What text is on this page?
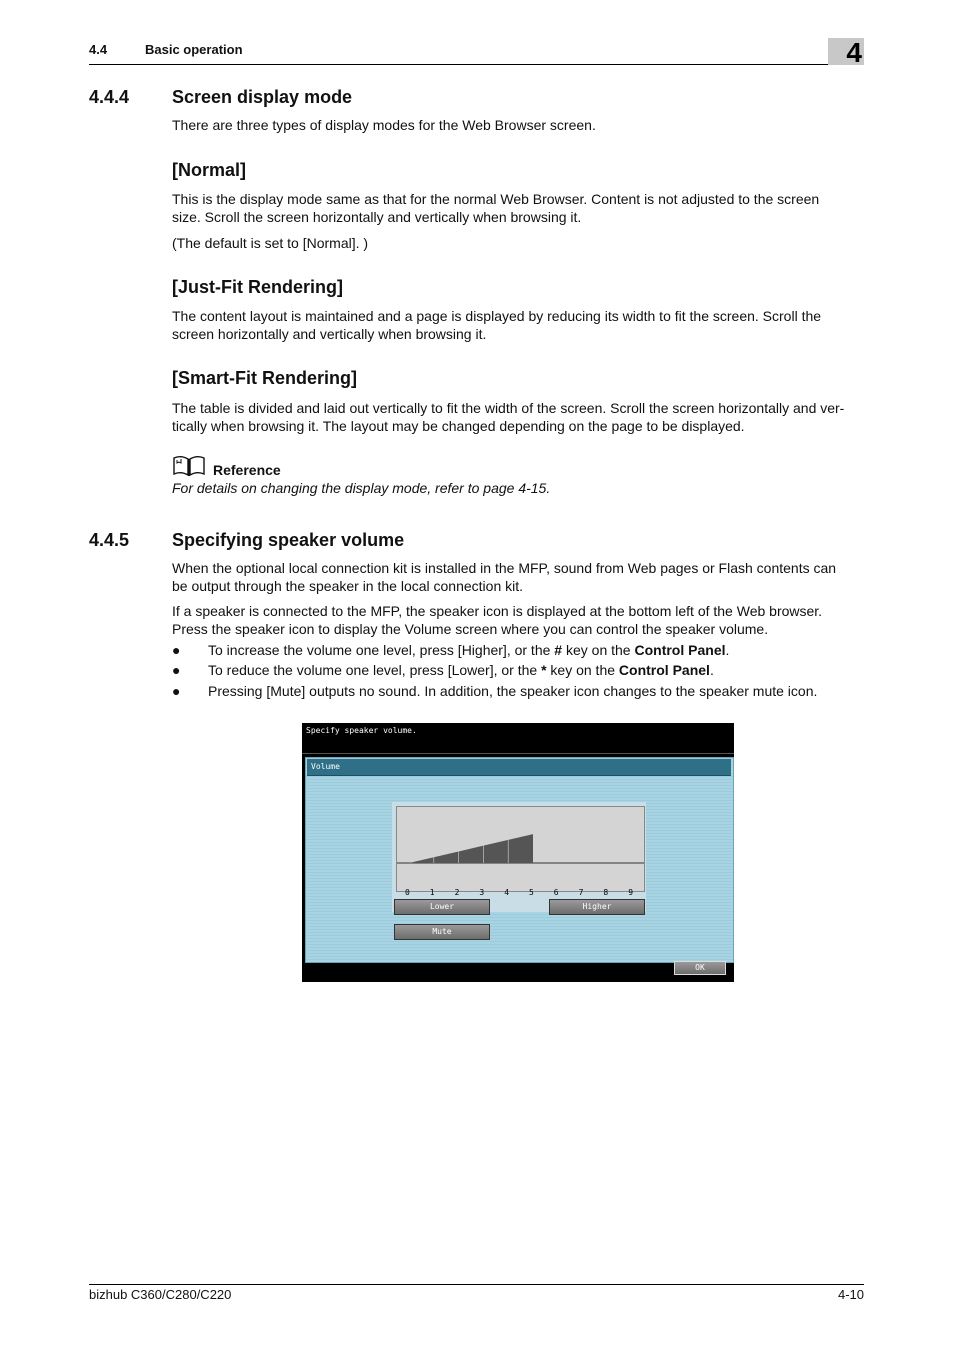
4.4	Basic operation	4
4.4.4 Screen display mode
There are three types of display modes for the Web Browser screen.
[Normal]
This is the display mode same as that for the normal Web Browser. Content is not adjusted to the screen
size. Scroll the screen horizontally and vertically when browsing it.
(The default is set to [Normal]. )
[Just-Fit Rendering]
The content layout is maintained and a page is displayed by reducing its width to fit the screen. Scroll the
screen horizontally and vertically when browsing it.
[Smart-Fit Rendering]
The table is divided and laid out vertically to fit the width of the screen. Scroll the screen horizontally and ver-
tically when browsing it. The layout may be changed depending on the page to be displayed.
Reference
For details on changing the display mode, refer to page 4-15.
4.4.5 Specifying speaker volume
When the optional local connection kit is installed in the MFP, sound from Web pages or Flash contents can
be output through the speaker in the local connection kit.
If a speaker is connected to the MFP, the speaker icon is displayed at the bottom left of the Web browser.
Press the speaker icon to display the Volume screen where you can control the speaker volume.
● To increase the volume one level, press [Higher], or the # key on the Control Panel.
● To reduce the volume one level, press [Lower], or the * key on the Control Panel.
● Pressing [Mute] outputs no sound. In addition, the speaker icon changes to the speaker mute icon.
Specify speaker volume.
Volume
0 1 2 3 4 5 6 7 8 9
Lower	Higher
Mute
OK
bizhub C360/C280/C220	4-10
